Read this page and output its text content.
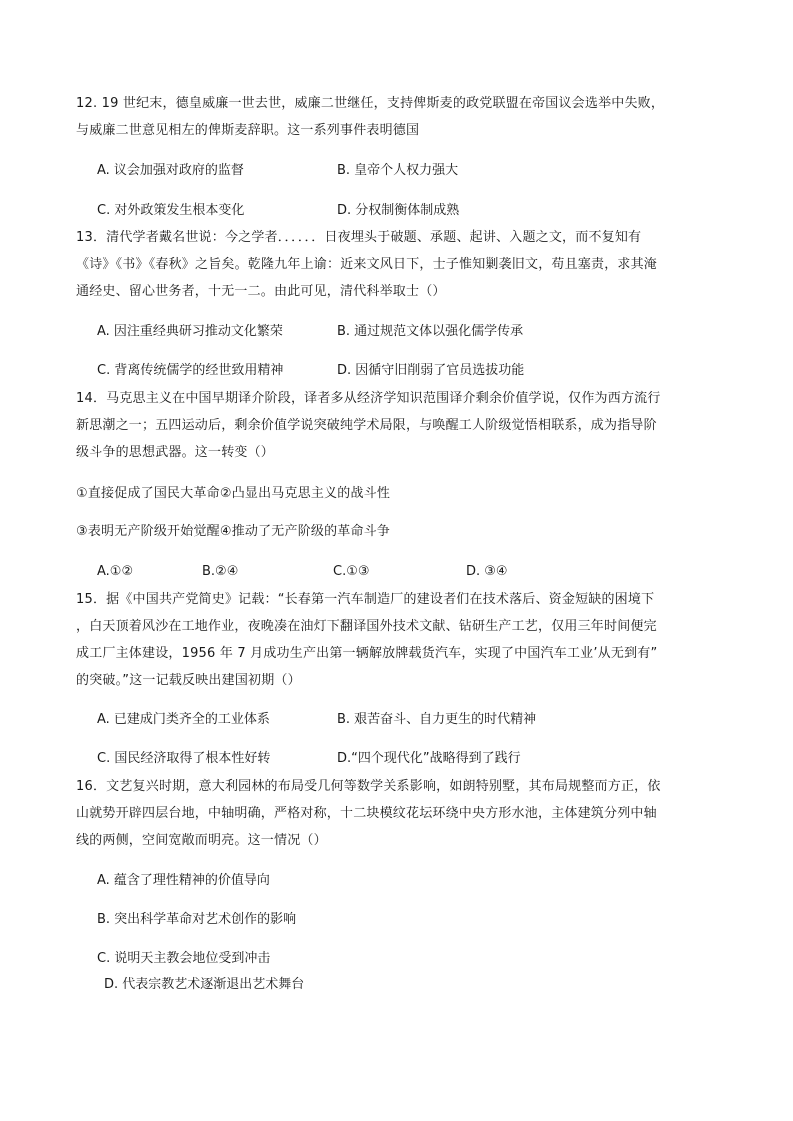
12. 19 世纪末，德皇威廉一世去世，威廉二世继任，支持俾斯麦的政党联盟在帝国议会选举中失败，
与威廉二世意见相左的俾斯麦辞职。这一系列事件表明德国
A. 议会加强对政府的监督	B. 皇帝个人权力强大
C. 对外政策发生根本变化	D. 分权制衡体制成熟
13．清代学者戴名世说：今之学者．．．．．．日夜埋头于破题、承题、起讲、入题之文，而不复知有
《诗》《书》《春秋》之旨矣。乾隆九年上谕：近来文风日下，士子惟知剿袭旧文，苟且塞责，求其淹
通经史、留心世务者，十无一二。由此可见，清代科举取士（）
A. 因注重经典研习推动文化繁荣	B. 通过规范文体以强化儒学传承
C. 背离传统儒学的经世致用精神	D. 因循守旧削弱了官员选拔功能
14．马克思主义在中国早期译介阶段，译者多从经济学知识范围译介剩余价值学说，仅作为西方流行
新思潮之一；五四运动后，剩余价值学说突破纯学术局限，与唤醒工人阶级觉悟相联系，成为指导阶
级斗争的思想武器。这一转变（）
①直接促成了国民大革命②凸显出马克思主义的战斗性
③表明无产阶级开始觉醒④推动了无产阶级的革命斗争
A.①②	B.②④	C.①③	D. ③④
15．据《中国共产党简史》记载：“长春第一汽车制造厂的建设者们在技术落后、资金短缺的困境下
，白天顶着风沙在工地作业，夜晚凑在油灯下翻译国外技术文献、钻研生产工艺，仅用三年时间便完
成工厂主体建设，1956 年 7 月成功生产出第一辆解放牌载货汽车，实现了中国汽车工业’从无到有”
的突破。”这一记载反映出建国初期（）
A. 已建成门类齐全的工业体系	B. 艰苦奋斗、自力更生的时代精神
C. 国民经济取得了根本性好转	D.“四个现代化”战略得到了践行
16．文艺复兴时期，意大利园林的布局受几何等数学关系影响，如朗特别墅，其布局规整而方正，依
山就势开辟四层台地，中轴明确，严格对称，十二块模纹花坛环绕中央方形水池，主体建筑分列中轴
线的两侧，空间宽敞而明亮。这一情况（）
A. 蕴含了理性精神的价值导向
B. 突出科学革命对艺术创作的影响
C. 说明天主教会地位受到冲击
D. 代表宗教艺术逐渐退出艺术舞台
